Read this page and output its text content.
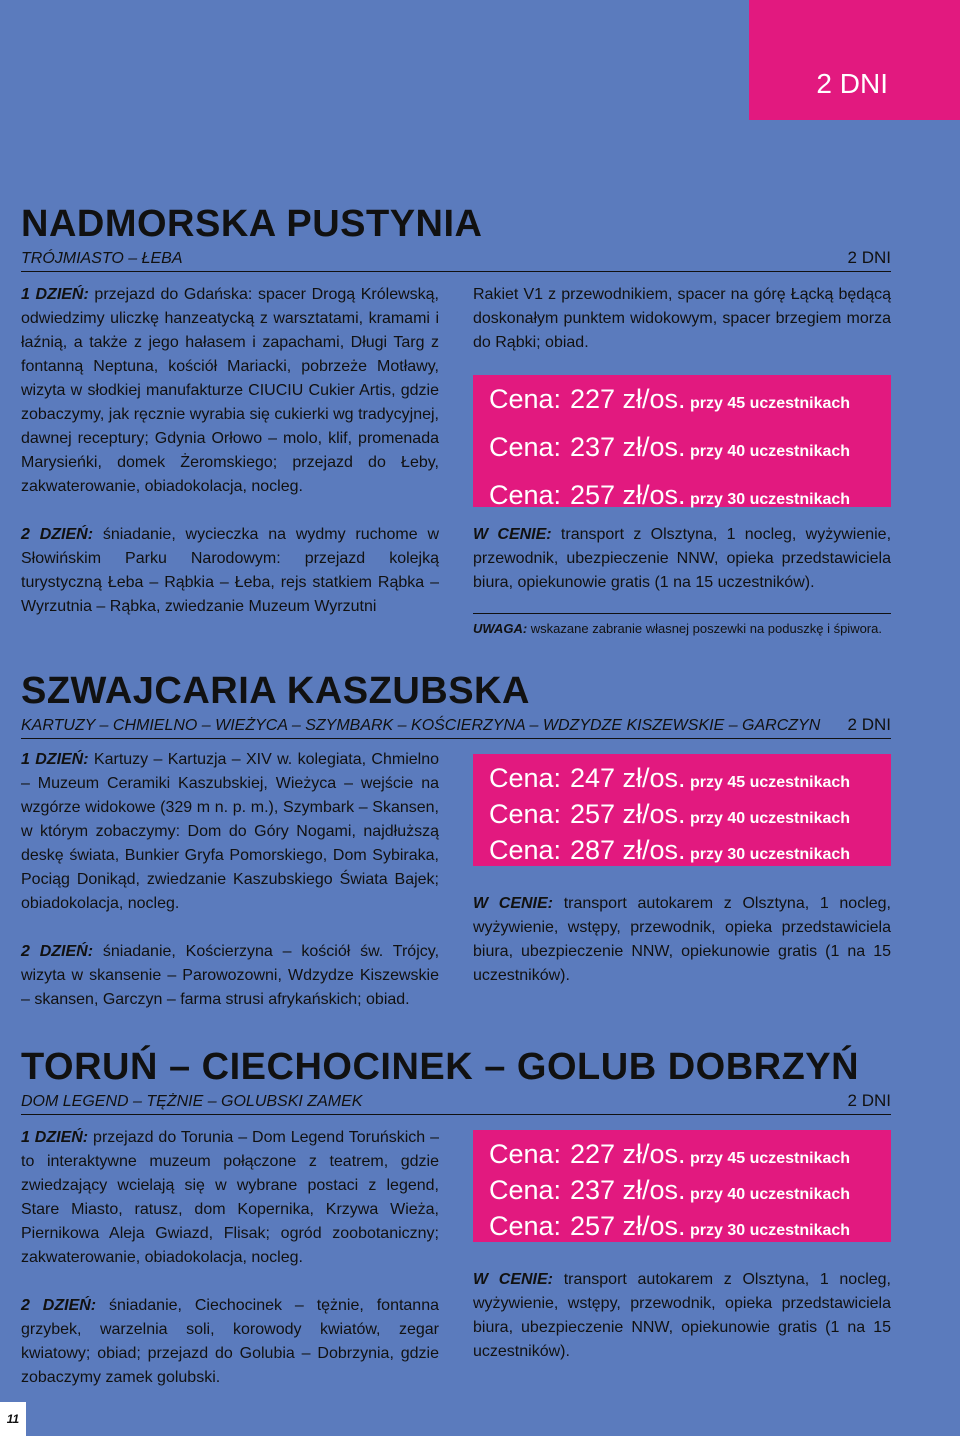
2 DNI
NADMORSKA PUSTYNIA
TRÓJMIASTO – ŁEBA	2 DNI

1 DZIEŃ: przejazd do Gdańska: spacer Drogą Królewską, odwiedzimy uliczkę hanzeatycką z warsztatami, kramami i łaźnią, a także z jego hałasem i zapachami, Długi Targ z fontanną Neptuna, kościół Mariacki, pobrzeże Motławy, wizyta w słodkiej manufakturze CIUCIU Cukier Artis, gdzie zobaczymy, jak ręcznie wyrabia się cukierki wg tradycyjnej, dawnej receptury; Gdynia Orłowo – molo, klif, promenada Marysieńki, domek Żeromskiego; przejazd do Łeby, zakwaterowanie, obiadokolacja, nocleg.

2 DZIEŃ: śniadanie, wycieczka na wydmy ruchome w Słowińskim Parku Narodowym: przejazd kolejką turystyczną Łeba – Rąbkia – Łeba, rejs statkiem Rąbka – Wyrzutnia – Rąbka, zwiedzanie Muzeum Wyrzutni

Rakiet V1 z przewodnikiem, spacer na górę Łącką będącą doskonałym punktem widokowym, spacer brzegiem morza do Rąbki; obiad.

Cena: 227 zł/os. przy 45 uczestnikach
Cena: 237 zł/os. przy 40 uczestnikach
Cena: 257 zł/os. przy 30 uczestnikach

W CENIE: transport z Olsztyna, 1 nocleg, wyżywienie, przewodnik, ubezpieczenie NNW, opieka przedstawiciela biura, opiekunowie gratis (1 na 15 uczestników).

UWAGA: wskazane zabranie własnej poszewki na poduszkę i śpiwora.
SZWAJCARIA KASZUBSKA
KARTUZY – CHMIELNO – WIEŻYCA – SZYMBARK – KOŚCIERZYNA – WDZYDZE KISZEWSKIE – GARCZYN 2 DNI

1 DZIEŃ: Kartuzy – Kartuzja – XIV w. kolegiata, Chmielno – Muzeum Ceramiki Kaszubskiej, Wieżyca – wejście na wzgórze widokowe (329 m n. p. m.), Szymbark – Skansen, w którym zobaczymy: Dom do Góry Nogami, najdłuższą deskę świata, Bunkier Gryfa Pomorskiego, Dom Sybiraka, Pociąg Donikąd, zwiedzanie Kaszubskiego Świata Bajek; obiadokolacja, nocleg.

2 DZIEŃ: śniadanie, Kościerzyna – kościół św. Trójcy, wizyta w skansenie – Parowozowni, Wdzydze Kiszewskie – skansen, Garczyn – farma strusi afrykańskich; obiad.

Cena: 247 zł/os. przy 45 uczestnikach
Cena: 257 zł/os. przy 40 uczestnikach
Cena: 287 zł/os. przy 30 uczestnikach

W CENIE: transport autokarem z Olsztyna, 1 nocleg, wyżywienie, wstępy, przewodnik, opieka przedstawiciela biura, ubezpieczenie NNW, opiekunowie gratis (1 na 15 uczestników).

TORUŃ – CIECHOCINEK – GOLUB DOBRZYŃ
DOM LEGEND – TĘŻNIE – GOLUBSKI ZAMEK	2 DNI

1 DZIEŃ: przejazd do Torunia – Dom Legend Toruńskich – to interaktywne muzeum połączone z teatrem, gdzie zwiedzający wcielają się w wybrane postaci z legend, Stare Miasto, ratusz, dom Kopernika, Krzywa Wieża, Piernikowa Aleja Gwiazd, Flisak; ogród zoobotaniczny; zakwaterowanie, obiadokolacja, nocleg.

2 DZIEŃ: śniadanie, Ciechocinek – tężnie, fontanna grzybek, warzelnia soli, korowody kwiatów, zegar kwiatowy; obiad; przejazd do Golubia – Dobrzynia, gdzie zobaczymy zamek golubski.

Cena: 227 zł/os. przy 45 uczestnikach
Cena: 237 zł/os. przy 40 uczestnikach
Cena: 257 zł/os. przy 30 uczestnikach

W CENIE: transport autokarem z Olsztyna, 1 nocleg, wyżywienie, wstępy, przewodnik, opieka przedstawiciela biura, ubezpieczenie NNW, opiekunowie gratis (1 na 15 uczestników).

11
